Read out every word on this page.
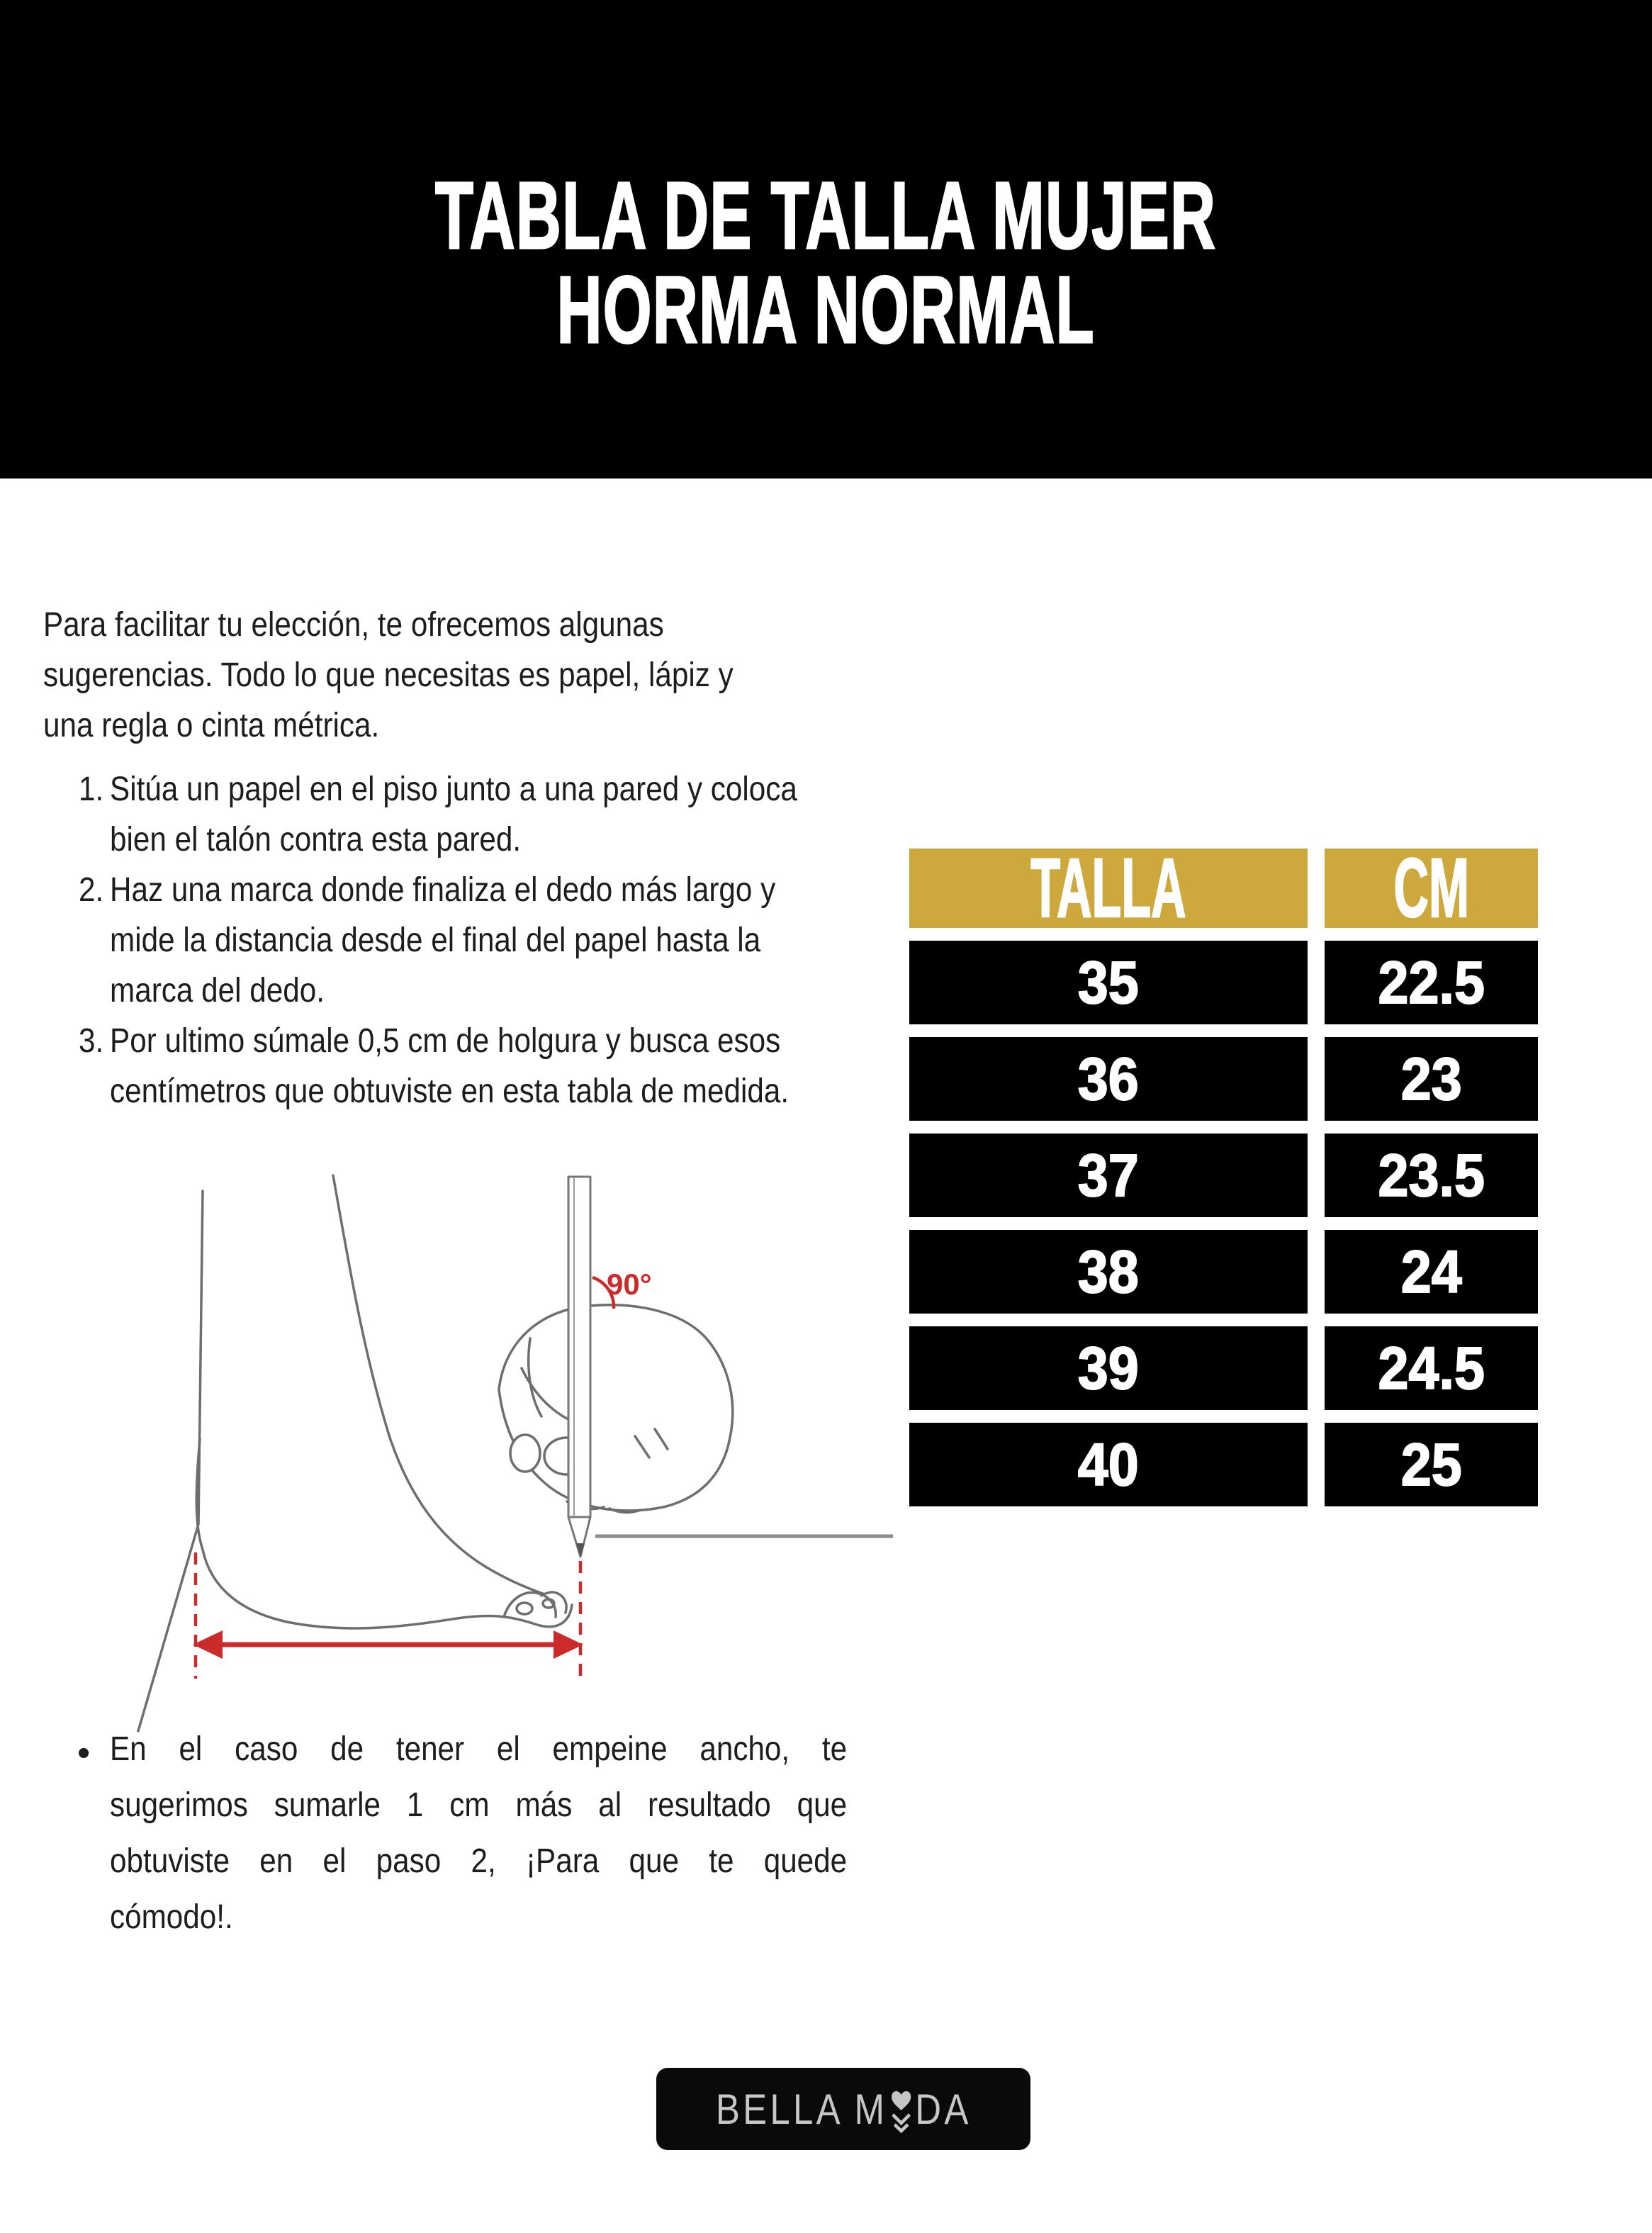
TABLA DE TALLA MUJER
HORMA NORMAL
Para facilitar tu elección, te ofrecemos algunas
sugerencias. Todo lo que necesitas es papel, lápiz y
una regla o cinta métrica.
1. Sitúa un papel en el piso junto a una pared y coloca bien el talón contra esta pared.
2. Haz una marca donde finaliza el dedo más largo y mide la distancia desde el final del papel hasta la marca del dedo.
3. Por ultimo súmale 0,5 cm de holgura y busca esos centímetros que obtuviste en esta tabla de medida.
90°
TALLA CM
35	22.5
36	23
37	23.5
38	24
39	24.5
40	25
• En el caso de tener el empeine ancho, te
sugerimos sumarle 1 cm más al resultado que
obtuviste en el paso 2, ¡Para que te quede
cómodo!.
BELLA M DA
